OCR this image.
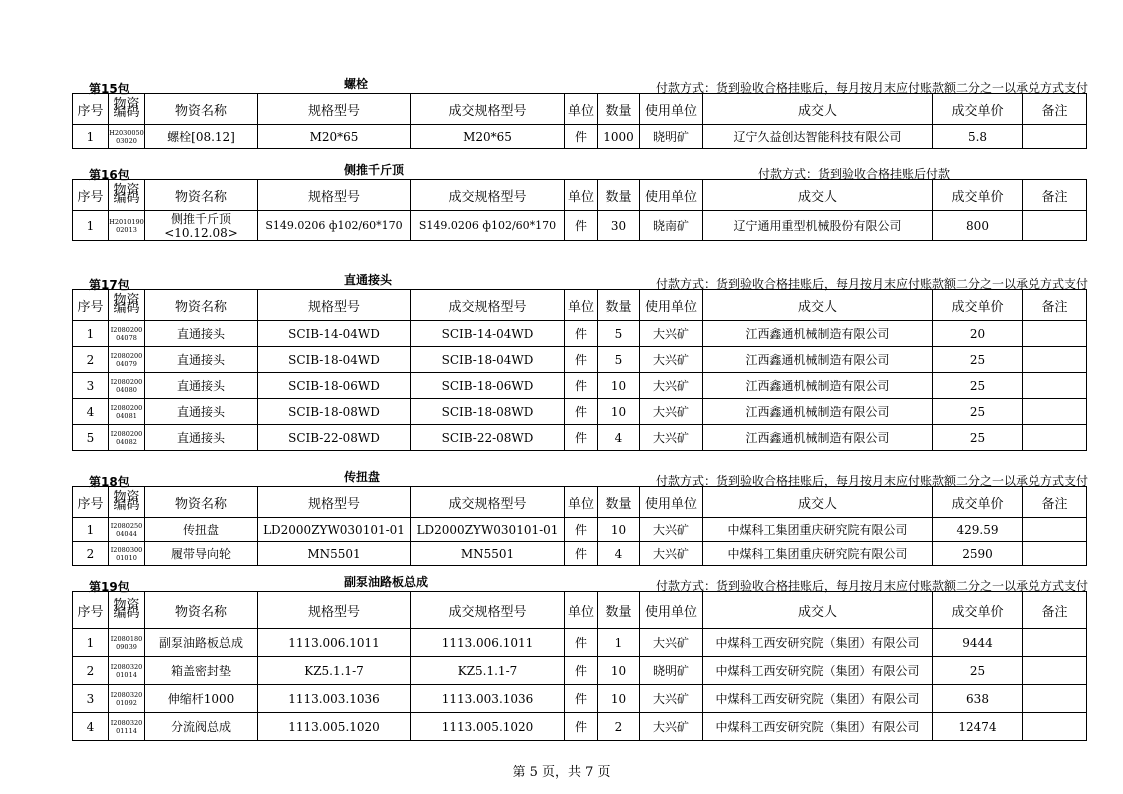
第15包	螺栓	付款方式：货到验收合格挂账后，每月按月末应付账款额二分之一以承兑方式支付
序号	物资编码	物资名称	规格型号	成交规格型号	单位	数量	使用单位	成交人	成交单价	备注
1	H2030050 03020	螺栓[08.12]	M20*65	M20*65	件	1000	晓明矿	辽宁久益创达智能科技有限公司	5.8	
第16包	侧推千斤顶	付款方式：货到验收合格挂账后付款
序号	物资编码	物资名称	规格型号	成交规格型号	单位	数量	使用单位	成交人	成交单价	备注
1	H2010190 02013	侧推千斤顶<10.12.08>	S149.0206 ф102/60*170	S149.0206 ф102/60*170	件	30	晓南矿	辽宁通用重型机械股份有限公司	800	
第17包	直通接头	付款方式：货到验收合格挂账后，每月按月末应付账款额二分之一以承兑方式支付
序号	物资编码	物资名称	规格型号	成交规格型号	单位	数量	使用单位	成交人	成交单价	备注
1	I2080200 04078	直通接头	SCIB-14-04WD	SCIB-14-04WD	件	5	大兴矿	江西鑫通机械制造有限公司	20	
2	I2080200 04079	直通接头	SCIB-18-04WD	SCIB-18-04WD	件	5	大兴矿	江西鑫通机械制造有限公司	25	
3	I2080200 04080	直通接头	SCIB-18-06WD	SCIB-18-06WD	件	10	大兴矿	江西鑫通机械制造有限公司	25	
4	I2080200 04081	直通接头	SCIB-18-08WD	SCIB-18-08WD	件	10	大兴矿	江西鑫通机械制造有限公司	25	
5	I2080200 04082	直通接头	SCIB-22-08WD	SCIB-22-08WD	件	4	大兴矿	江西鑫通机械制造有限公司	25	
第18包	传扭盘	付款方式：货到验收合格挂账后，每月按月末应付账款额二分之一以承兑方式支付
序号	物资编码	物资名称	规格型号	成交规格型号	单位	数量	使用单位	成交人	成交单价	备注
1	I2080250 04044	传扭盘	LD2000ZYW030101-01	LD2000ZYW030101-01	件	10	大兴矿	中煤科工集团重庆研究院有限公司	429.59	
2	I2080300 01010	履带导向轮	MN5501	MN5501	件	4	大兴矿	中煤科工集团重庆研究院有限公司	2590	
第19包	副泵油路板总成	付款方式：货到验收合格挂账后，每月按月末应付账款额二分之一以承兑方式支付
序号	物资编码	物资名称	规格型号	成交规格型号	单位	数量	使用单位	成交人	成交单价	备注
1	I2080180 09039	副泵油路板总成	1113.006.1011	1113.006.1011	件	1	大兴矿	中煤科工西安研究院（集团）有限公司	9444	
2	I2080320 01014	箱盖密封垫	KZ5.1.1-7	KZ5.1.1-7	件	10	晓明矿	中煤科工西安研究院（集团）有限公司	25	
3	I2080320 01092	伸缩杆1000	1113.003.1036	1113.003.1036	件	10	大兴矿	中煤科工西安研究院（集团）有限公司	638	
4	I2080320 01114	分流阀总成	1113.005.1020	1113.005.1020	件	2	大兴矿	中煤科工西安研究院（集团）有限公司	12474	
第 5 页，共 7 页
